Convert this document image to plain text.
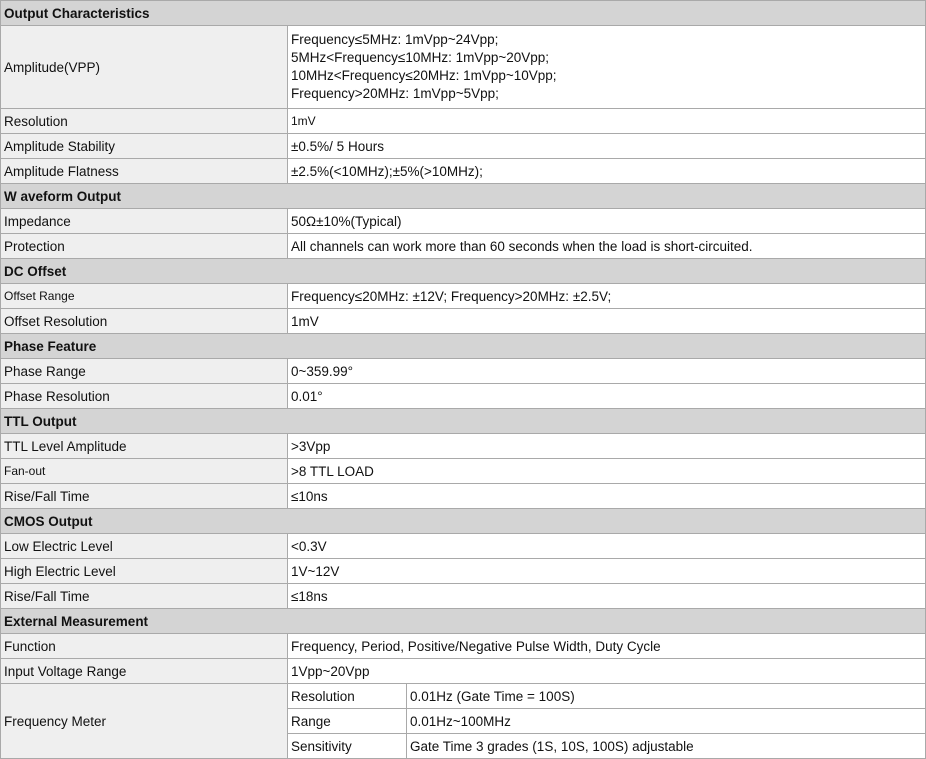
Output Characteristics		
Amplitude(VPP)	Frequency≤5MHz: 1mVpp~24Vpp;
5MHz<Frequency≤10MHz: 1mVpp~20Vpp;
10MHz<Frequency≤20MHz: 1mVpp~10Vpp;
Frequency>20MHz: 1mVpp~5Vpp;	

Resolution	1mV	
Amplitude Stability	±0.5%/ 5 Hours	
Amplitude Flatness	±2.5%(<10MHz);±5%(>10MHz);	
W aveform Output		
Impedance	50Ω±10%(Typical)	
Protection	All channels can work more than 60 seconds when the load is short-circuited.	
DC Offset		
Offset Range	Frequency≤20MHz: ±12V; Frequency>20MHz: ±2.5V;	
Offset Resolution	1mV	
Phase Feature		
Phase Range	0~359.99°	
Phase Resolution	0.01°	
TTL Output		
TTL Level Amplitude	>3Vpp	
Fan-out	>8 TTL LOAD	
Rise/Fall Time	≤10ns	
CMOS Output		
Low Electric Level	<0.3V	
High Electric Level	1V~12V	
Rise/Fall Time	≤18ns	
External Measurement		
Function	Frequency, Period, Positive/Negative Pulse Width, Duty Cycle	
Input Voltage Range	1Vpp~20Vpp	
Frequency Meter	Resolution	0.01Hz (Gate Time = 100S)
	Range	0.01Hz~100MHz
	Sensitivity	Gate Time 3 grades (1S, 10S, 100S) adjustable
